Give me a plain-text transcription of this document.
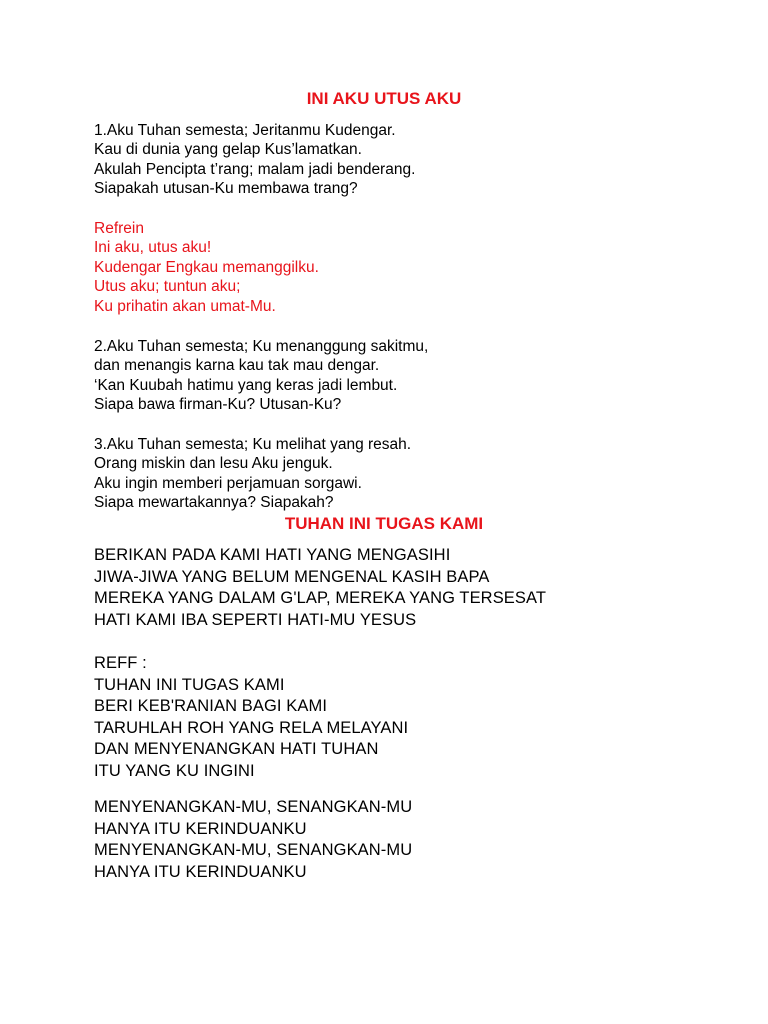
INI AKU UTUS AKU
1.Aku Tuhan semesta; Jeritanmu Kudengar.
Kau di dunia yang gelap Kus’lamatkan.
Akulah Pencipta t’rang; malam jadi benderang.
Siapakah utusan-Ku membawa trang?
Refrein
Ini aku, utus aku!
Kudengar Engkau memanggilku.
Utus aku; tuntun aku;
Ku prihatin akan umat-Mu.
2.Aku Tuhan semesta; Ku menanggung sakitmu,
dan menangis karna kau tak mau dengar.
‘Kan Kuubah hatimu yang keras jadi lembut.
Siapa bawa firman-Ku? Utusan-Ku?
3.Aku Tuhan semesta; Ku melihat yang resah.
Orang miskin dan lesu Aku jenguk.
Aku ingin memberi perjamuan sorgawi.
Siapa mewartakannya? Siapakah?
TUHAN INI TUGAS KAMI
BERIKAN PADA KAMI HATI YANG MENGASIHI
JIWA-JIWA YANG BELUM MENGENAL KASIH BAPA
MEREKA YANG DALAM G'LAP, MEREKA YANG TERSESAT
HATI KAMI IBA SEPERTI HATI-MU YESUS
REFF :
TUHAN INI TUGAS KAMI
BERI KEB'RANIAN BAGI KAMI
TARUHLAH ROH YANG RELA MELAYANI
DAN MENYENANGKAN HATI TUHAN
ITU YANG KU INGINI
MENYENANGKAN-MU, SENANGKAN-MU
HANYA ITU KERINDUANKU
MENYENANGKAN-MU, SENANGKAN-MU
HANYA ITU KERINDUANKU
